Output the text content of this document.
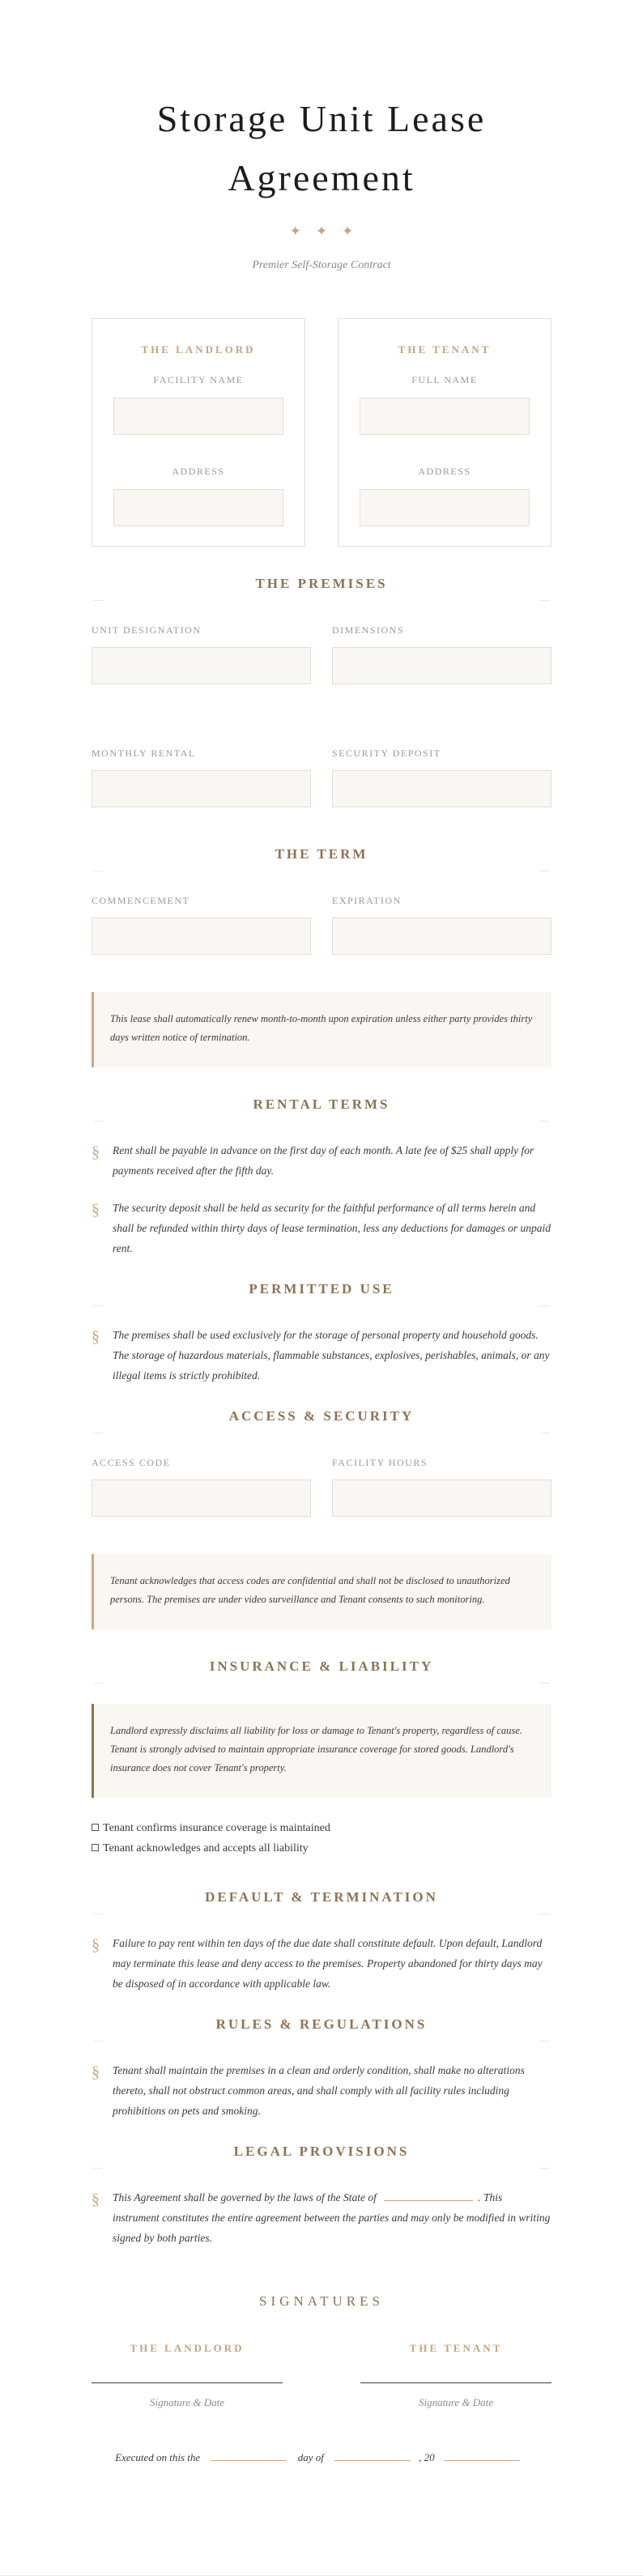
Storage Unit Lease Agreement
✦✦✦
Premier Self-Storage Contract
THE LANDLORD
FACILITY NAME
ADDRESS
THE TENANT
FULL NAME
ADDRESS
THE PREMISES
UNIT DESIGNATION	DIMENSIONS
MONTHLY RENTAL	SECURITY DEPOSIT
THE TERM
COMMENCEMENT	EXPIRATION
This lease shall automatically renew month-to-month upon expiration unless either party provides thirty days written notice of termination.
RENTAL TERMS
§	Rent shall be payable in advance on the first day of each month. A late fee of $25 shall apply for payments received after the fifth day.
§	The security deposit shall be held as security for the faithful performance of all terms herein and shall be refunded within thirty days of lease termination, less any deductions for damages or unpaid rent.
PERMITTED USE
§	The premises shall be used exclusively for the storage of personal property and household goods. The storage of hazardous materials, flammable substances, explosives, perishables, animals, or any illegal items is strictly prohibited.
ACCESS & SECURITY
ACCESS CODE	FACILITY HOURS
Tenant acknowledges that access codes are confidential and shall not be disclosed to unauthorized persons. The premises are under video surveillance and Tenant consents to such monitoring.
INSURANCE & LIABILITY
Landlord expressly disclaims all liability for loss or damage to Tenant's property, regardless of cause. Tenant is strongly advised to maintain appropriate insurance coverage for stored goods. Landlord's insurance does not cover Tenant's property.
Tenant confirms insurance coverage is maintained
Tenant acknowledges and accepts all liability
DEFAULT & TERMINATION
§	Failure to pay rent within ten days of the due date shall constitute default. Upon default, Landlord may terminate this lease and deny access to the premises. Property abandoned for thirty days may be disposed of in accordance with applicable law.
RULES & REGULATIONS
§	Tenant shall maintain the premises in a clean and orderly condition, shall make no alterations thereto, shall not obstruct common areas, and shall comply with all facility rules including prohibitions on pets and smoking.
LEGAL PROVISIONS
§	This Agreement shall be governed by the laws of the State of	. This instrument constitutes the entire agreement between the parties and may only be modified in writing signed by both parties.
SIGNATURES
THE LANDLORD
Signature & Date
THE TENANT
Signature & Date
Executed on this the	day of	, 20
